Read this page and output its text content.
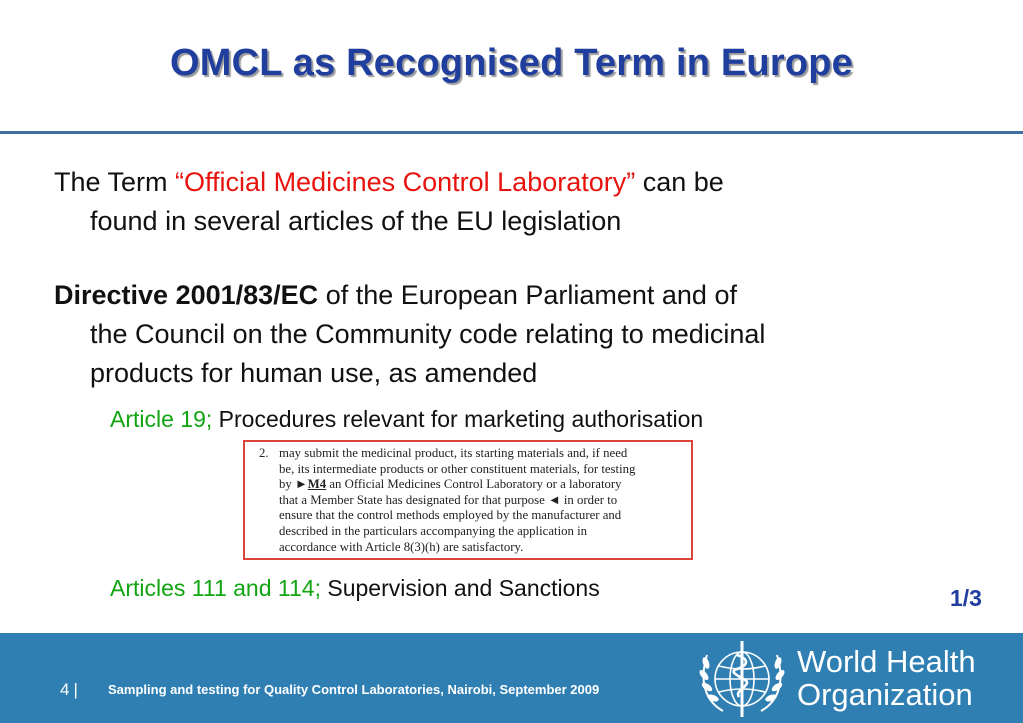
OMCL as Recognised Term in Europe
The Term “Official Medicines Control Laboratory” can be
found in several articles of the EU legislation
Directive 2001/83/EC of the European Parliament and of
the Council on the Community code relating to medicinal
products for human use, as amended
Article 19; Procedures relevant for marketing authorisation
2. may submit the medicinal product, its starting materials and, if need
be, its intermediate products or other constituent materials, for testing
by ►M4 an Official Medicines Control Laboratory or a laboratory
that a Member State has designated for that purpose ◄ in order to
ensure that the control methods employed by the manufacturer and
described in the particulars accompanying the application in
accordance with Article 8(3)(h) are satisfactory.
Articles 111 and 114; Supervision and Sanctions	1/3
4 | Sampling and testing for Quality Control Laboratories, Nairobi, September 2009
World Health
Organization
